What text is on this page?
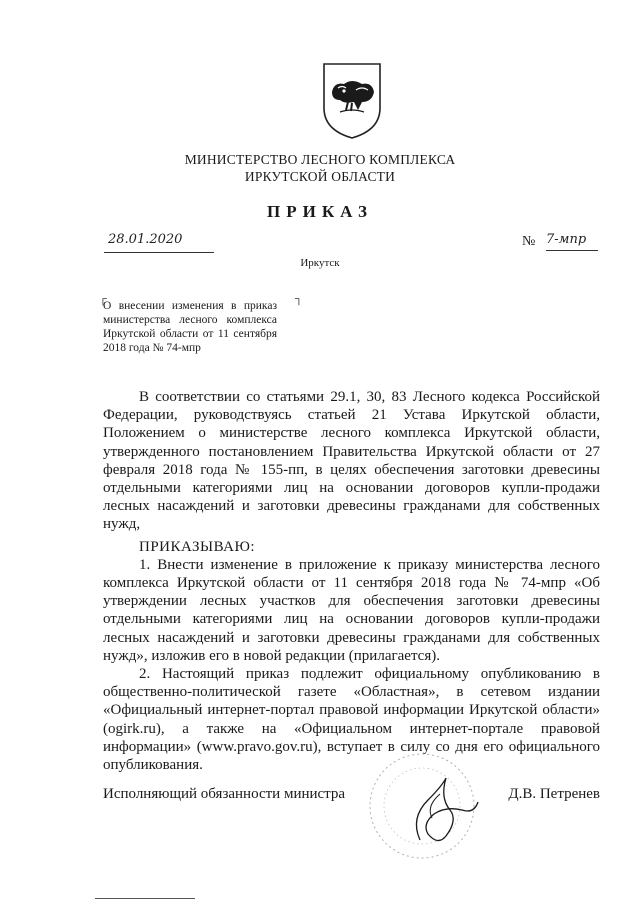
МИНИСТЕРСТВО ЛЕСНОГО КОМПЛЕКСА
ИРКУТСКОЙ ОБЛАСТИ
ПРИКАЗ
28.01.2020	№ 7-мпр
Иркутск
┌	┐
О внесении изменения в приказ министерства лесного комплекса Иркутской области от 11 сентября 2018 года № 74-мпр

В соответствии со статьями 29.1, 30, 83 Лесного кодекса Российской Федерации, руководствуясь статьей 21 Устава Иркутской области, Положением о министерстве лесного комплекса Иркутской области, утвержденного постановлением Правительства Иркутской области от 27 февраля 2018 года № 155-пп, в целях обеспечения заготовки древесины отдельными категориями лиц на основании договоров купли-продажи лесных насаждений и заготовки древесины гражданами для собственных нужд,

ПРИКАЗЫВАЮ:

1. Внести изменение в приложение к приказу министерства лесного комплекса Иркутской области от 11 сентября 2018 года № 74-мпр «Об утверждении лесных участков для обеспечения заготовки древесины отдельными категориями лиц на основании договоров купли-продажи лесных насаждений и заготовки древесины гражданами для собственных нужд», изложив его в новой редакции (прилагается).

2. Настоящий приказ подлежит официальному опубликованию в общественно-политической газете «Областная», в сетевом издании «Официальный интернет-портал правовой информации Иркутской области» (ogirk.ru), а также на «Официальном интернет-портале правовой информации» (www.pravo.gov.ru), вступает в силу со дня его официального опубликования.

Исполняющий обязанности министра	Д.В. Петренев
